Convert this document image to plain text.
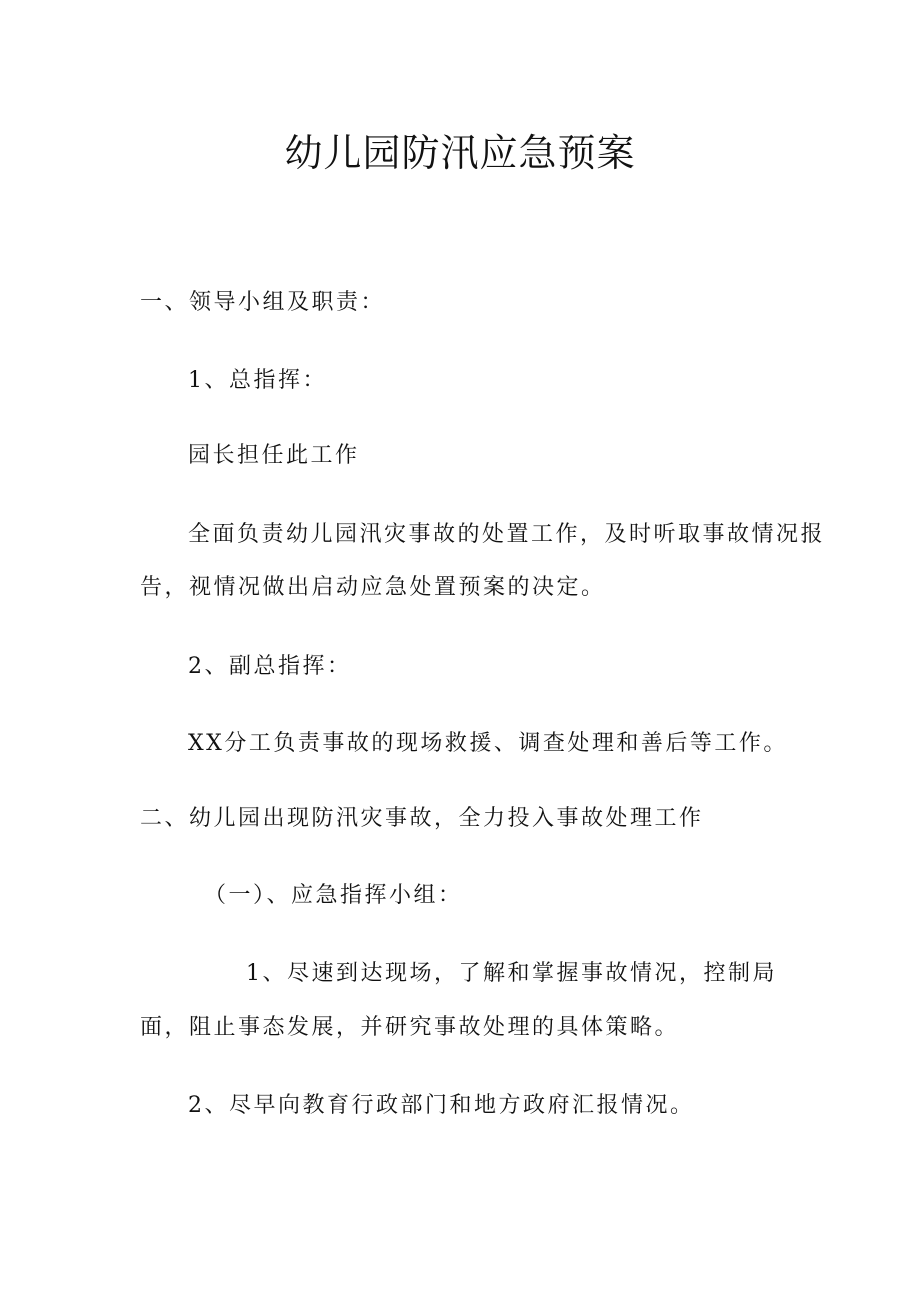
幼儿园防汛应急预案

一、领导小组及职责：

1、总指挥：

园长担任此工作

全面负责幼儿园汛灾事故的处置工作，及时听取事故情况报

告，视情况做出启动应急处置预案的决定。

2、副总指挥：

XX分工负责事故的现场救援、调查处理和善后等工作。

二、幼儿园出现防汛灾事故，全力投入事故处理工作

（一）、应急指挥小组：

1、尽速到达现场，了解和掌握事故情况，控制局

面，阻止事态发展，并研究事故处理的具体策略。

2、尽早向教育行政部门和地方政府汇报情况。
